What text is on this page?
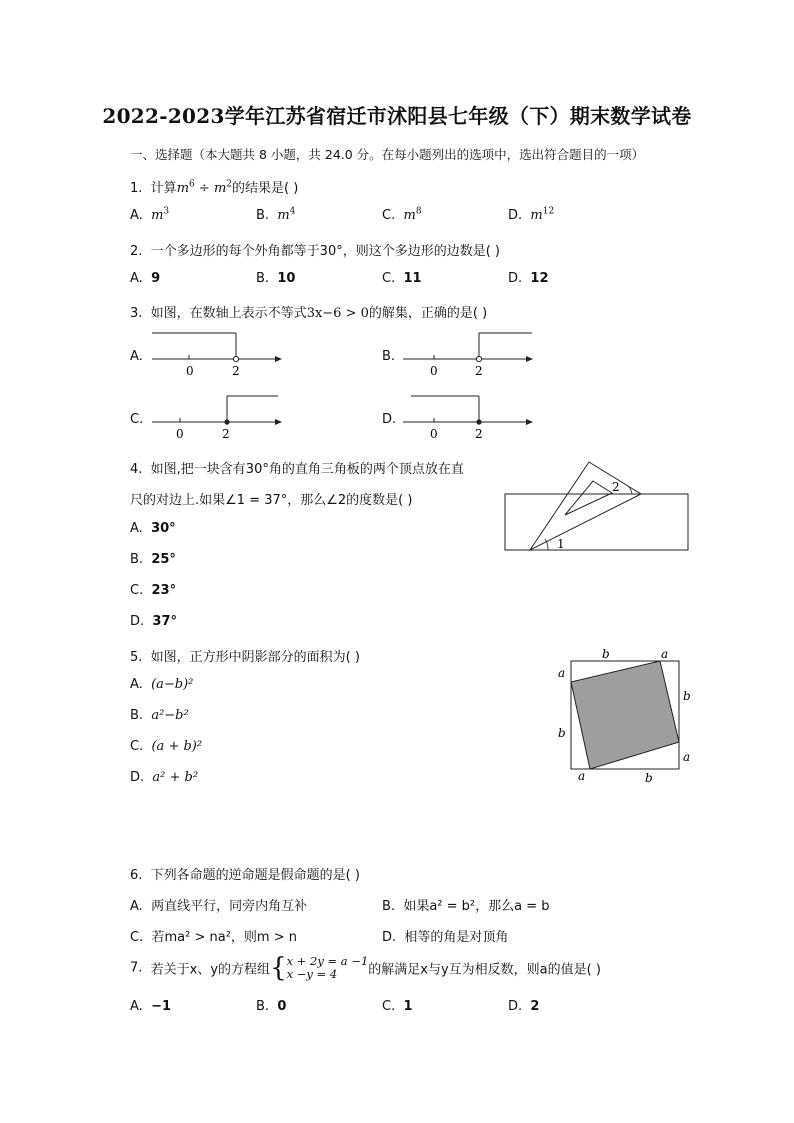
2022-2023学年江苏省宿迁市沭阳县七年级（下）期末数学试卷
一、选择题（本大题共 8 小题，共 24.0 分。在每小题列出的选项中，选出符合题目的一项）
1. 计算$m^6 \div m^2$的结果是( )
A. $m^3$	B. $m^4$	C. $m^8$	D. $m^{12}$
2. 一个多边形的每个外角都等于30°，则这个多边形的边数是( )
A. 9	B. 10	C. 11	D. 12
3. 如图，在数轴上表示不等式3x−6 > 0的解集，正确的是( )
A.
0	2
B.
0	2
C.
0	2
D.
0	2
4. 如图,把一块含有30°角的直角三角板的两个顶点放在直
尺的对边上.如果∠1 = 37°，那么∠2的度数是( )
1
2
A. 30°
B. 25°
C. 23°
D. 37°
5. 如图，正方形中阴影部分的面积为( )
A. (a−b)²
B. a²−b²
C. (a + b)²
D. a² + b²
b	a
a
b
b
a
a	b
6. 下列各命题的逆命题是假命题的是( )
A. 两直线平行，同旁内角互补	B. 如果a² = b²，那么a = b
C. 若ma² > na²，则m > n	D. 相等的角是对顶角
7. 若关于x、y的方程组{x + 2y = a −1
x −y = 4 的解满足x与y互为相反数，则a的值是( )
A. −1	B. 0	C. 1	D. 2
